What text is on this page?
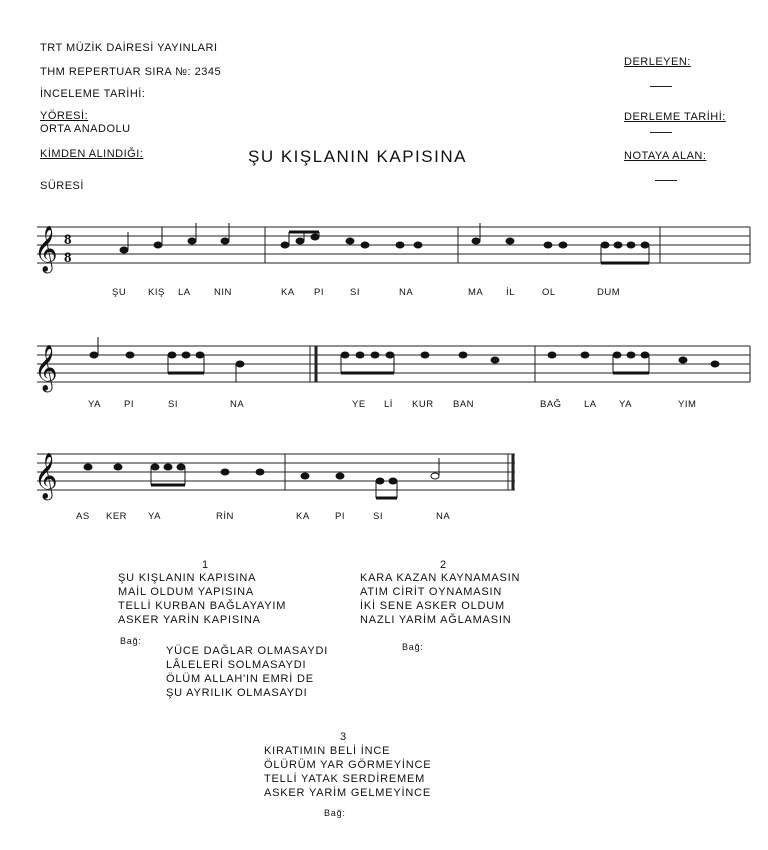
TRT MÜZİK DAİRESİ YAYINLARI
THM REPERTUAR SIRA №: 2345
İNCELEME TARİHİ:
YÖRESİ:
ORTA ANADOLU
KİMDEN ALINDIĞI:
SÜRESİ
DERLEYEN:
DERLEME TARİHİ:
NOTAYA ALAN:
ŞU KIŞLANIN KAPISINA
𝄞
𝄞
𝄞
8
8
ŞU KIŞ LA NIN	KA PI	SI	NA	MA İL	OL	DUM
YA PI	SI	NA	YE Lİ KUR BAN	BAĞ LA YA	YIM
AS KER YA	RİN	KA	PI	SI	NA
1
ŞU KIŞLANIN KAPISINA
MAİL OLDUM YAPISINA
TELLİ KURBAN BAĞLAYAYIM
ASKER YARİN KAPISINA
Bağ:
YÜCE DAĞLAR OLMASAYDI
LÂLELERİ SOLMASAYDI
ÖLÜM ALLAH'IN EMRİ DE
ŞU AYRILIK OLMASAYDI
2
KARA KAZAN KAYNAMASIN
ATIM CİRİT OYNAMASIN
İKİ SENE ASKER OLDUM
NAZLI YARİM AĞLAMASIN
Bağ:
3
KIRATIMIN BELİ İNCE
ÖLÜRÜM YAR GÖRMEYİNCE
TELLİ YATAK SERDİREMEM
ASKER YARİM GELMEYİNCE
Bağ:
